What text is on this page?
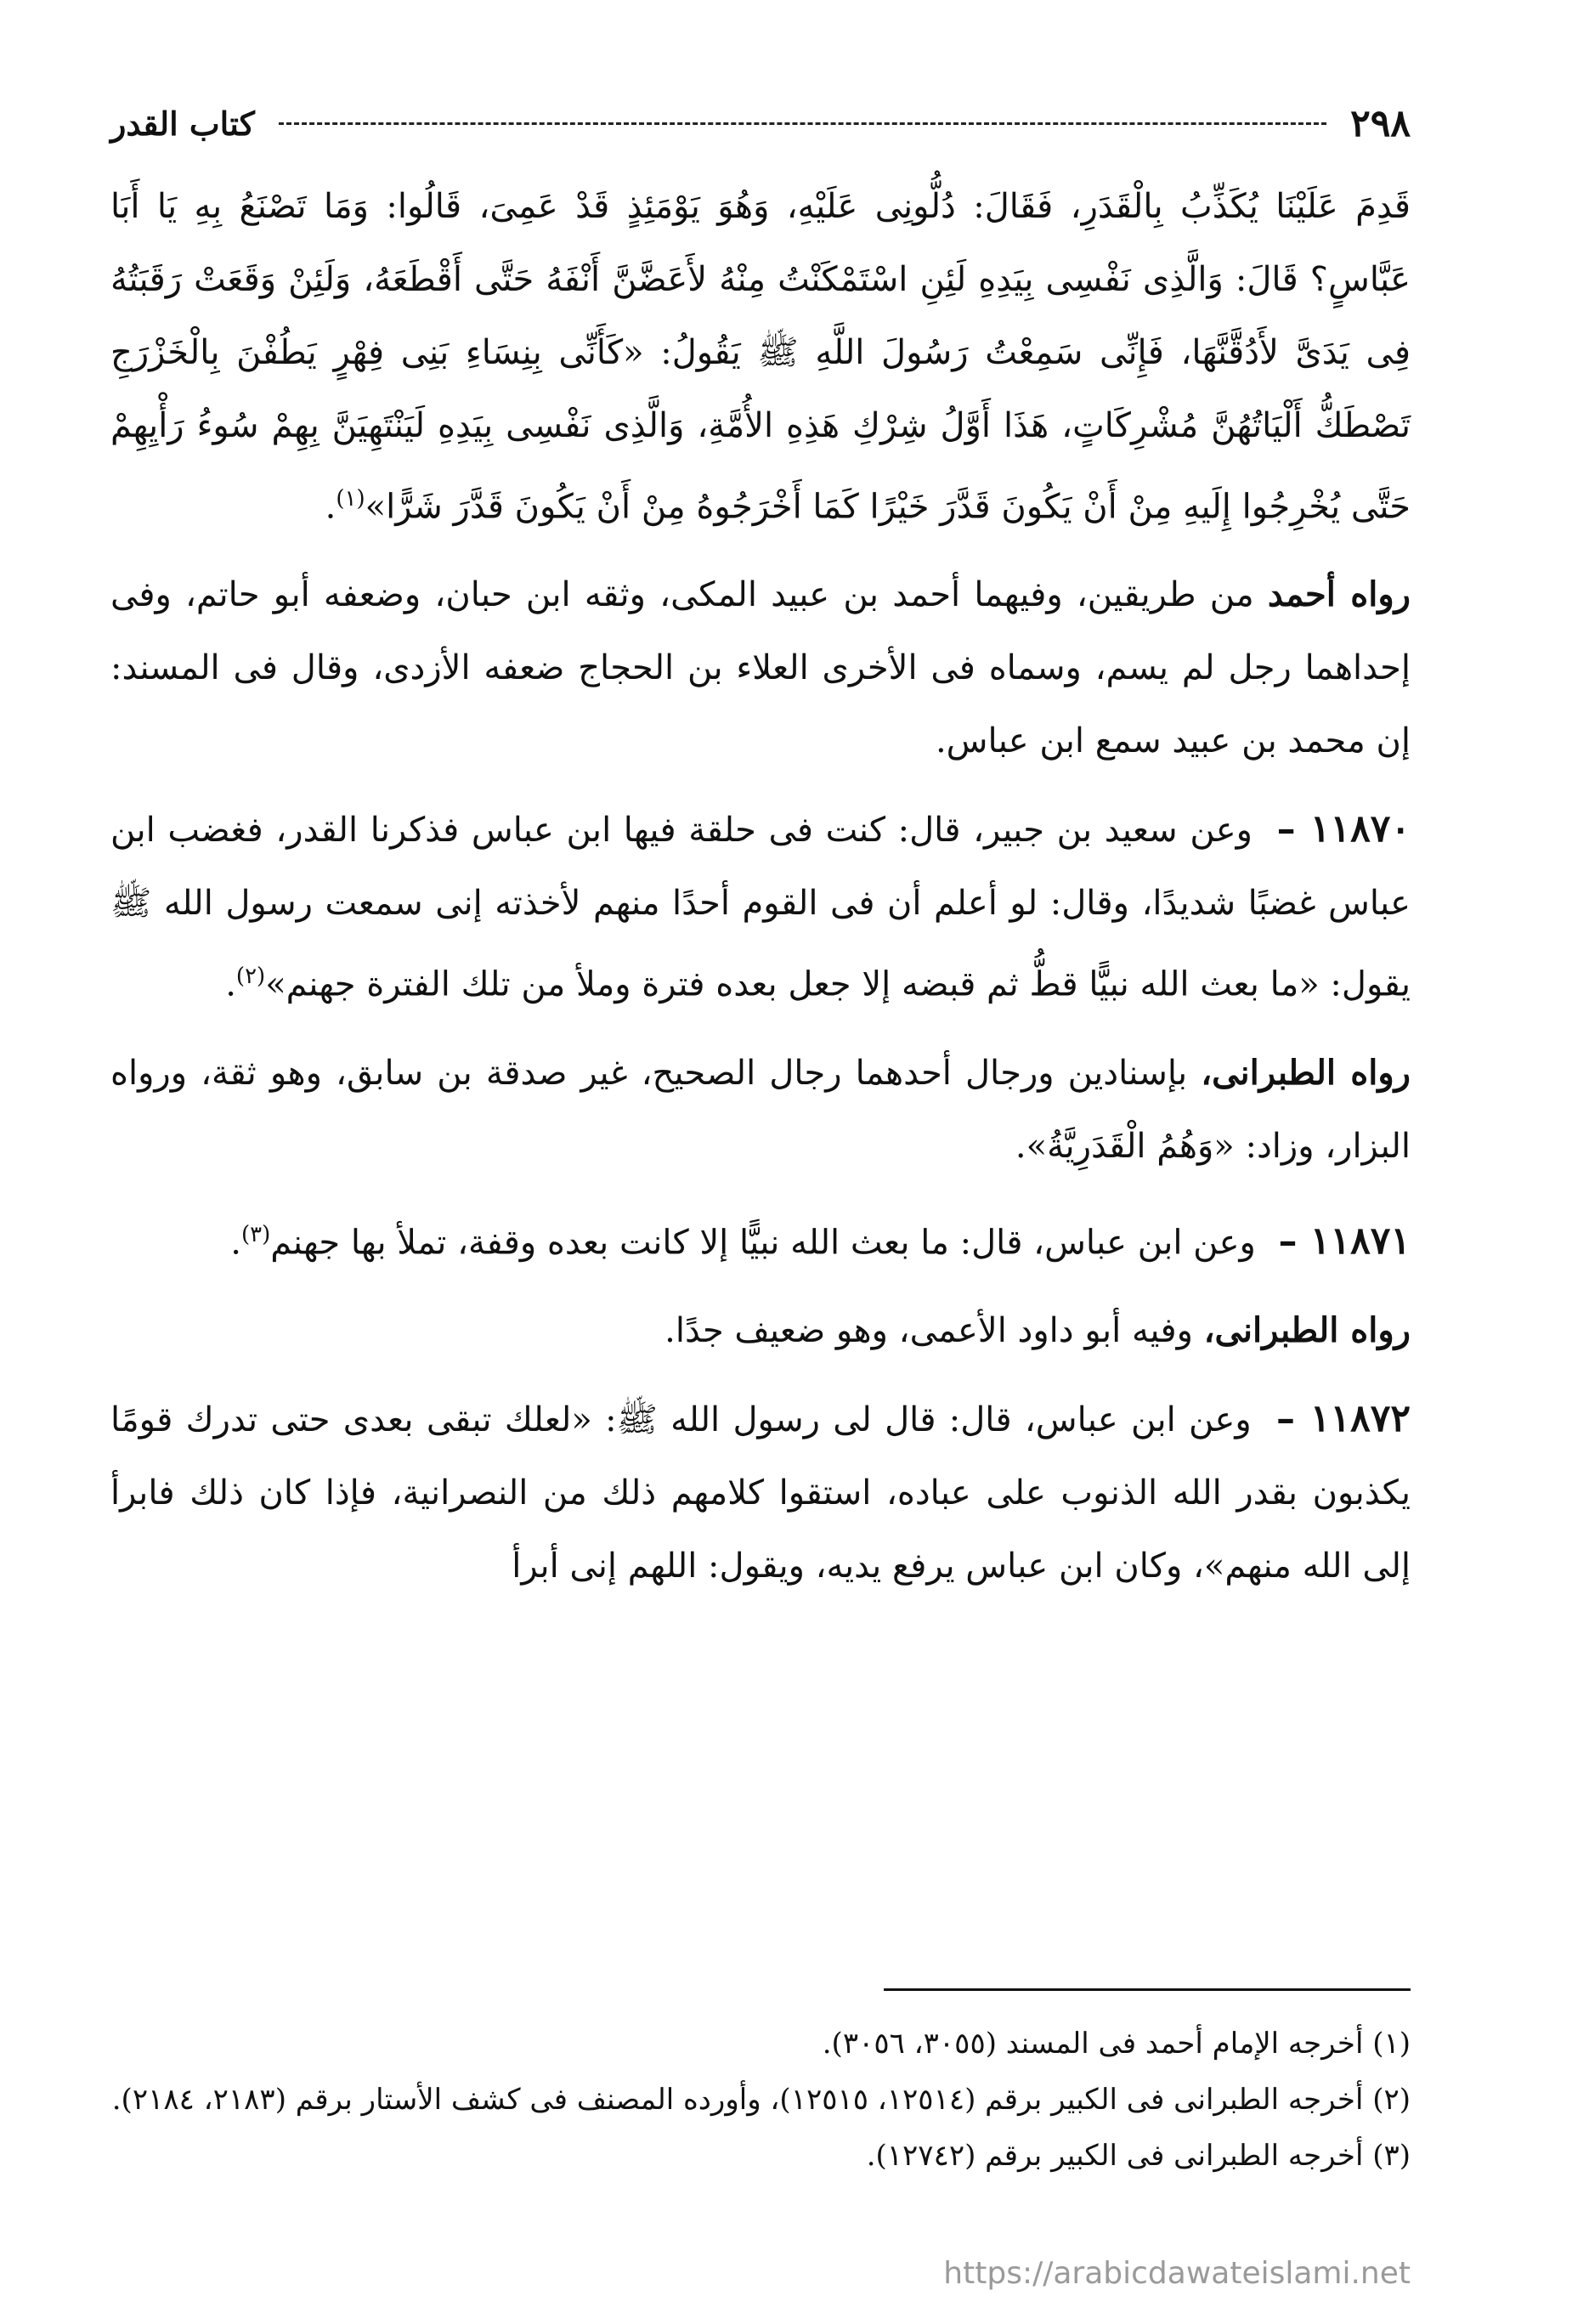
٢٩٨
كتاب القدر

قَدِمَ عَلَيْنَا يُكَذِّبُ بِالْقَدَرِ، فَقَالَ: دُلُّونِى عَلَيْهِ، وَهُوَ يَوْمَئِذٍ قَدْ عَمِىَ، قَالُوا: وَمَا تَصْنَعُ بِهِ يَا أَبَا عَبَّاسٍ؟ قَالَ: وَالَّذِى نَفْسِى بِيَدِهِ لَئِنِ اسْتَمْكَنْتُ مِنْهُ لأَعَضَّنَّ أَنْفَهُ حَتَّى أَقْطَعَهُ، وَلَئِنْ وَقَعَتْ رَقَبَتُهُ فِى يَدَىَّ لأَدُقَّنَّهَا، فَإِنِّى سَمِعْتُ رَسُولَ اللَّهِ ﷺ يَقُولُ: «كَأَنِّى بِنِسَاءِ بَنِى فِهْرٍ يَطُفْنَ بِالْخَزْرَجِ تَصْطَكُّ أَلْيَاتُهُنَّ مُشْرِكَاتٍ، هَذَا أَوَّلُ شِرْكِ هَذِهِ الأُمَّةِ، وَالَّذِى نَفْسِى بِيَدِهِ لَيَنْتَهِيَنَّ بِهِمْ سُوءُ رَأْيِهِمْ حَتَّى يُخْرِجُوا إِلَيهِ مِنْ أَنْ يَكُونَ قَدَّرَ خَيْرًا كَمَا أَخْرَجُوهُ مِنْ أَنْ يَكُونَ قَدَّرَ شَرًّا»$^{(١)}$.

رواه أحمد من طريقين، وفيهما أحمد بن عبيد المكى، وثقه ابن حبان، وضعفه أبو حاتم، وفى إحداهما رجل لم يسم، وسماه فى الأخرى العلاء بن الحجاج ضعفه الأزدى، وقال فى المسند: إن محمد بن عبيد سمع ابن عباس.

١١٨٧٠ – وعن سعيد بن جبير، قال: كنت فى حلقة فيها ابن عباس فذكرنا القدر، فغضب ابن عباس غضبًا شديدًا، وقال: لو أعلم أن فى القوم أحدًا منهم لأخذته إنى سمعت رسول الله ﷺ يقول: «ما بعث الله نبيًّا قطُّ ثم قبضه إلا جعل بعده فترة وملأ من تلك الفترة جهنم»$^{(٢)}$.

رواه الطبرانى، بإسنادين ورجال أحدهما رجال الصحيح، غير صدقة بن سابق، وهو ثقة، ورواه البزار، وزاد: «وَهُمُ الْقَدَرِيَّةُ».

١١٨٧١ – وعن ابن عباس، قال: ما بعث الله نبيًّا إلا كانت بعده وقفة، تملأ بها جهنم$^{(٣)}$.

رواه الطبرانى، وفيه أبو داود الأعمى، وهو ضعيف جدًا.

١١٨٧٢ – وعن ابن عباس، قال: قال لى رسول الله ﷺ: «لعلك تبقى بعدى حتى تدرك قومًا يكذبون بقدر الله الذنوب على عباده، استقوا كلامهم ذلك من النصرانية، فإذا كان ذلك فابرأ إلى الله منهم»، وكان ابن عباس يرفع يديه، ويقول: اللهم إنى أبرأ

(١) أخرجه الإمام أحمد فى المسند (٣٠٥٥، ٣٠٥٦).

(٢) أخرجه الطبرانى فى الكبير برقم (١٢٥١٤، ١٢٥١٥)، وأورده المصنف فى كشف الأستار برقم (٢١٨٣، ٢١٨٤).

(٣) أخرجه الطبرانى فى الكبير برقم (١٢٧٤٢).

https://arabicdawateislami.net
